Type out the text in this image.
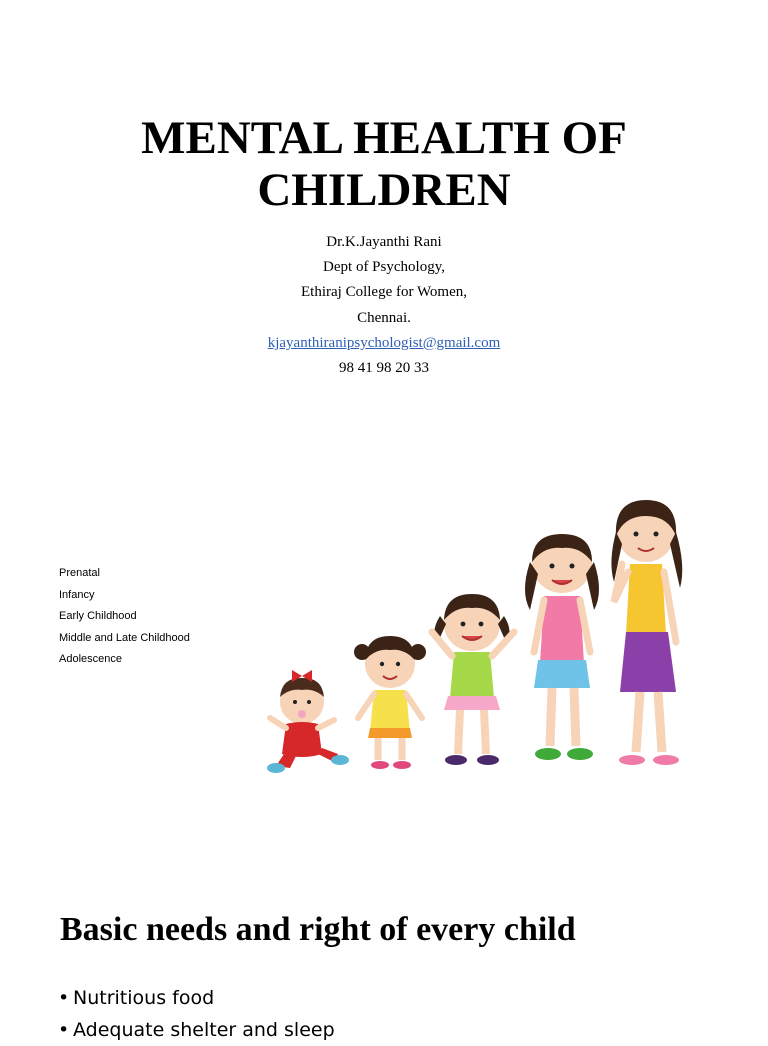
MENTAL HEALTH OF
CHILDREN
Dr.K.Jayanthi Rani
Dept of Psychology,
Ethiraj College for Women,
Chennai.
kjayanthiranipsychologist@gmail.com
98 41 98 20 33
Prenatal
Infancy
Early Childhood
Middle and Late Childhood
Adolescence
Basic needs and right of every child
• Nutritious food
• Adequate shelter and sleep
